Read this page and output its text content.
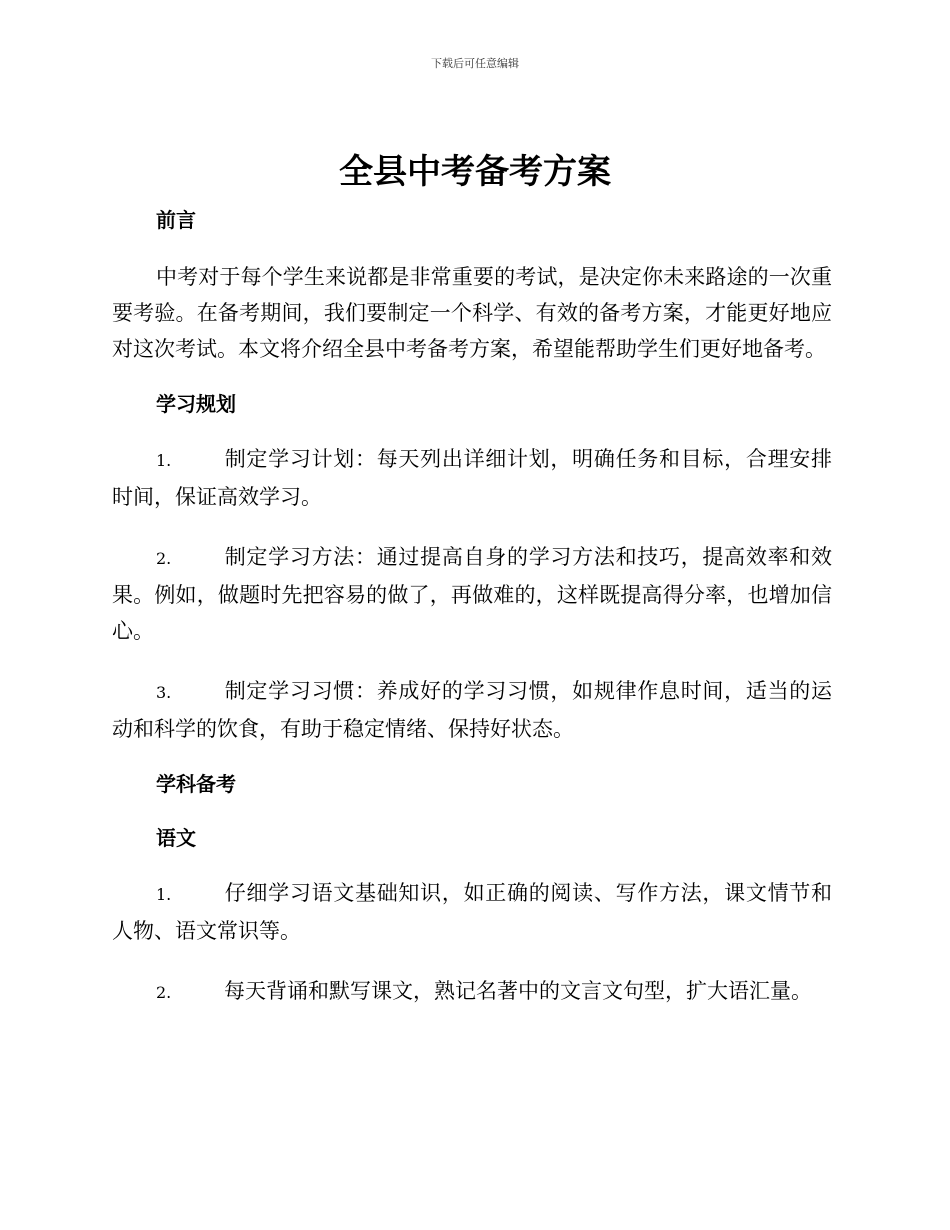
下载后可任意编辑
全县中考备考方案

前言

中考对于每个学生来说都是非常重要的考试，是决定你未来路途的一次重要考验。在备考期间，我们要制定一个科学、有效的备考方案，才能更好地应对这次考试。本文将介绍全县中考备考方案，希望能帮助学生们更好地备考。

学习规划

1.	制定学习计划：每天列出详细计划，明确任务和目标，合理安排时间，保证高效学习。
2.	制定学习方法：通过提高自身的学习方法和技巧，提高效率和效果。例如，做题时先把容易的做了，再做难的，这样既提高得分率，也增加信心。
3.	制定学习习惯：养成好的学习习惯，如规律作息时间，适当的运动和科学的饮食，有助于稳定情绪、保持好状态。

学科备考

语文

1.	仔细学习语文基础知识，如正确的阅读、写作方法，课文情节和人物、语文常识等。
2.	每天背诵和默写课文，熟记名著中的文言文句型，扩大语汇量。
